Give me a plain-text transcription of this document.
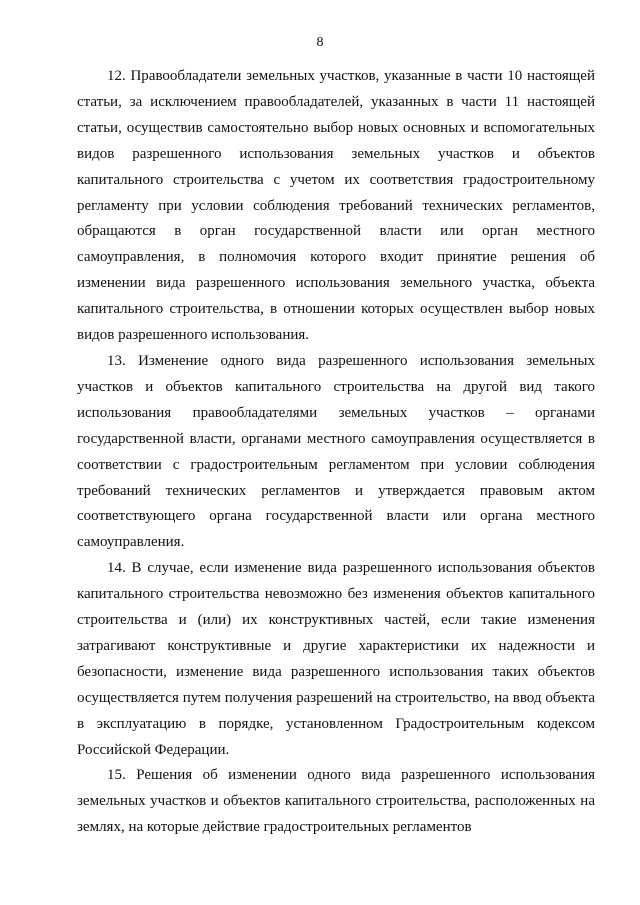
8

12. Правообладатели земельных участков, указанные в части 10 настоящей статьи, за исключением правообладателей, указанных в части 11 настоящей статьи, осуществив самостоятельно выбор новых основных и вспомогательных видов разрешенного использования земельных участков и объектов капитального строительства с учетом их соответствия градостроительному регламенту при условии соблюдения требований технических регламентов, обращаются в орган государственной власти или орган местного самоуправления, в полномочия которого входит принятие решения об изменении вида разрешенного использования земельного участка, объекта капитального строительства, в отношении которых осуществлен выбор новых видов разрешенного использования.

13. Изменение одного вида разрешенного использования земельных участков и объектов капитального строительства на другой вид такого использования правообладателями земельных участков – органами государственной власти, органами местного самоуправления осуществляется в соответствии с градостроительным регламентом при условии соблюдения требований технических регламентов и утверждается правовым актом соответствующего органа государственной власти или органа местного самоуправления.

14. В случае, если изменение вида разрешенного использования объектов капитального строительства невозможно без изменения объектов капитального строительства и (или) их конструктивных частей, если такие изменения затрагивают конструктивные и другие характеристики их надежности и безопасности, изменение вида разрешенного использования таких объектов осуществляется путем получения разрешений на строительство, на ввод объекта в эксплуатацию в порядке, установленном Градостроительным кодексом Российской Федерации.

15. Решения об изменении одного вида разрешенного использования земельных участков и объектов капитального строительства, расположенных на землях, на которые действие градостроительных регламентов
